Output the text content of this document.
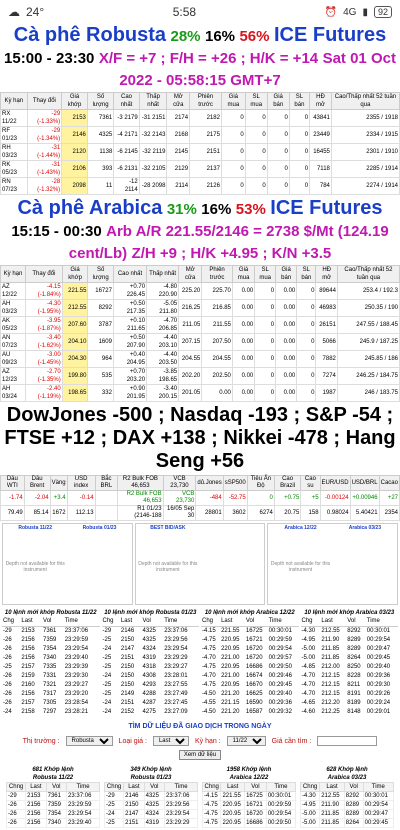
☁ 24°	5:58	⏰ 4G ▮	92
Cà phê Robusta 28% 16% 56% ICE Futures 15:00 - 23:30 X/F = +7 ; F/H = +26 ; H/K = +14 Sat 01 Oct 2022 - 05:58:15 GMT+7
Kỳ hạn	Thay đổi	Giá khớp	Số lượng	Cao nhất	Thấp nhất	Mở cửa	Phiên trước	Giá mua	SL mua	Giá bán	SL bán	HĐ mở	Cao/Thấp nhất 52 tuần qua
RX 11/22	-29 (-1.33%)	2153	7361	-3 2179	-31 2151	2174	2182	0	0	0	0	43841	2355 / 1918
RF 01/23	-29 (-1.34%)	2146	4325	-4 2171	-32 2143	2168	2175	0	0	0	0	23449	2334 / 1915
RH 03/23	-31 (-1.44%)	2120	1138	-6 2145	-32 2119	2145	2151	0	0	0	0	16455	2301 / 1910
RK 05/23	-31 (-1.43%)	2106	393	-6 2131	-32 2105	2129	2137	0	0	0	0	7118	2285 / 1914
RN 07/23	-28 (-1.32%)	2098	11	-12 2114	-28 2098	2114	2126	0	0	0	0	784	2274 / 1914
Cà phê Arabica 31% 16% 53% ICE Futures 15:15 - 00:30 Arb A/R 221.55/2146 = 2738 $/Mt (124.19 cent/Lb) Z/H +9 ; H/K +4.95 ; K/N +3.5
Kỳ hạn	Thay đổi	Giá khớp	Số lượng	Cao nhất	Thấp nhất	Mở cửa	Phiên trước	Giá mua	SL mua	Giá bán	SL bán	HĐ mở	Cao/Thấp nhất 52 tuần qua
AZ 12/22	-4.15 (-1.84%)	221.55	16727	+0.70 226.45	-4.80 220.90	225.20	225.70	0.00	0	0.00	0	89644	253.4 / 192.3
AH 03/23	-4.30 (-1.95%)	212.55	8292	+0.50 217.35	-5.05 211.80	216.25	216.85	0.00	0	0.00	0	46983	250.35 / 190
AK 05/23	-3.95 (-1.87%)	207.60	3787	+0.10 211.65	-4.70 206.85	211.05	211.55	0.00	0	0.00	0	26151	247.55 / 188.45
AN 07/23	-3.40 (-1.62%)	204.10	1609	+0.50 207.90	-4.40 203.10	207.15	207.50	0.00	0	0.00	0	5066	245.9 / 187.25
AU 09/23	-3.00 (-1.45%)	204.30	964	+0.40 204.95	-4.40 203.50	204.55	204.55	0.00	0	0.00	0	7882	245.85 / 186
AZ 12/23	-2.70 (-1.35%)	199.80	535	+0.70 203.20	-3.85 198.65	202.20	202.50	0.00	0	0.00	0	7274	246.25 / 184.75
AH 03/24	-2.40 (-1.19%)	198.65	332	+0.90 201.95	-3.40 200.15	201.05	0.00	0.00	0	0.00	0	1987	246 / 183.75
DowJones -500 ; Nasdaq -193 ; S&P -54 ; FTSE +12 ; DAX +138 ; Nikkei -478 ; Hang Seng +56
Dầu WTI	Dầu Brent	Vàng	USD index	Bắc BRL	R2 Bulk FOB 46,653	VCB 23,730	dủ.Jones	sSP500	Tiêu Ấn Độ	Cao Brazil	Cao su	EUR/USD	USD/BRL	Cacao
-1.74	-2.04	+3.4	-0.14		R2 Bulk FOB 46,653	VCB 23,730	-484	-52.75	0	+0.75	+5	-0.00124	+0.00946	+27
79.49	85.14	1672	112.13		R1 01/23 (2146-188	16/05 Sep 30	28801	3602	6274	20.75	158	0.98024	5.40421	2354
Robusta 11/22
Depth not available for this instrument
Robusta 01/23	BEST BID/ASK
Depth not available for this instrument
Arabica 12/22
Depth not available for this instrument
Arabica 03/23
10 lệnh mới khớp Robusta 11/22
Chg	Last	Vol	Time
-29	2153	7361	23:37:06
-26	2156	7359	23:29:59
-26	2156	7354	23:29:54
-26	2156	7340	23:29:40
-25	2157	7335	23:29:39
-26	2159	7331	23:29:30
-26	2160	7321	23:29:27
-26	2156	7317	23:29:20
-26	2157	7305	23:28:54
-24	2158	7297	23:28:21
10 lệnh mới khớp Robusta 01/23
Chg	Last	Vol	Time
-29	2146	4325	23:37:06
-25	2150	4325	23:29:56
-24	2147	4324	23:29:54
-25	2151	4319	23:29:29
-25	2150	4318	23:29:27
-24	2150	4308	23:28:01
-25	2150	4293	23:27:55
-25	2149	4288	23:27:49
-24	2151	4287	23:27:45
-24	2152	4275	23:27:09
10 lệnh mới khớp Arabica 12/22
Chg	Last	Vol	Time
-4.15	221.55	16725	00:30:01
-4.75	220.95	16721	00:29:59
-4.75	220.95	16720	00:29:54
-4.70	221.00	16720	00:29:57
-4.75	220.95	16686	00:29:50
-4.70	221.00	16674	00:29:46
-4.75	220.95	16670	00:29:45
-4.50	221.20	16625	00:29:40
-4.55	221.15	16590	00:29:36
-4.50	221.20	16587	00:29:32
10 lệnh mới khớp Arabica 03/23
Chg	Last	Vol	Time
-4.30	212.55	8292	00:30:01
-4.95	211.90	8289	00:29:54
-5.00	211.85	8289	00:29:47
-5.00	211.85	8264	00:29:45
-4.85	212.00	8250	00:29:40
-4.70	212.15	8228	00:29:36
-4.70	212.15	8211	00:29:30
-4.70	212.15	8191	00:29:26
-4.65	212.20	8189	00:29:24
-4.60	212.25	8148	00:29:01
TÌM DỮ LIỆU ĐÃ GIAO DỊCH TRONG NGÀY
Thị trường :
Robusta	Loại giá :
Last	Kỳ hạn :
11/22	Giá cần tìm :
Xem dữ liệu
681 Khớp lệnh
Robusta 11/22
Chng	Last	Vol	Time
-29	2153	7361	23:37:06
-26	2156	7359	23:29:59
-26	2156	7354	23:29:54
-26	2156	7340	23:29:40
349 Khớp lệnh
Robusta 01/23
Chng	Last	Vol	Time
-29	2146	4325	23:37:06
-25	2150	4325	23:29:56
-24	2147	4324	23:29:54
-25	2151	4319	23:29:29
1958 Khớp lệnh
Arabica 12/22
Chng	Last	Vol	Time
-4.15	221.55	16725	00:30:01
-4.75	220.95	16721	00:29:59
-4.75	220.95	16720	00:29:54
-4.75	220.95	16686	00:29:50
628 Khớp lệnh
Arabica 03/23
Chng	Last	Vol	Time
-4.30	212.55	8292	00:30:01
-4.95	211.90	8289	00:29:54
-5.00	211.85	8289	00:29:47
-5.00	211.85	8264	00:29:45
